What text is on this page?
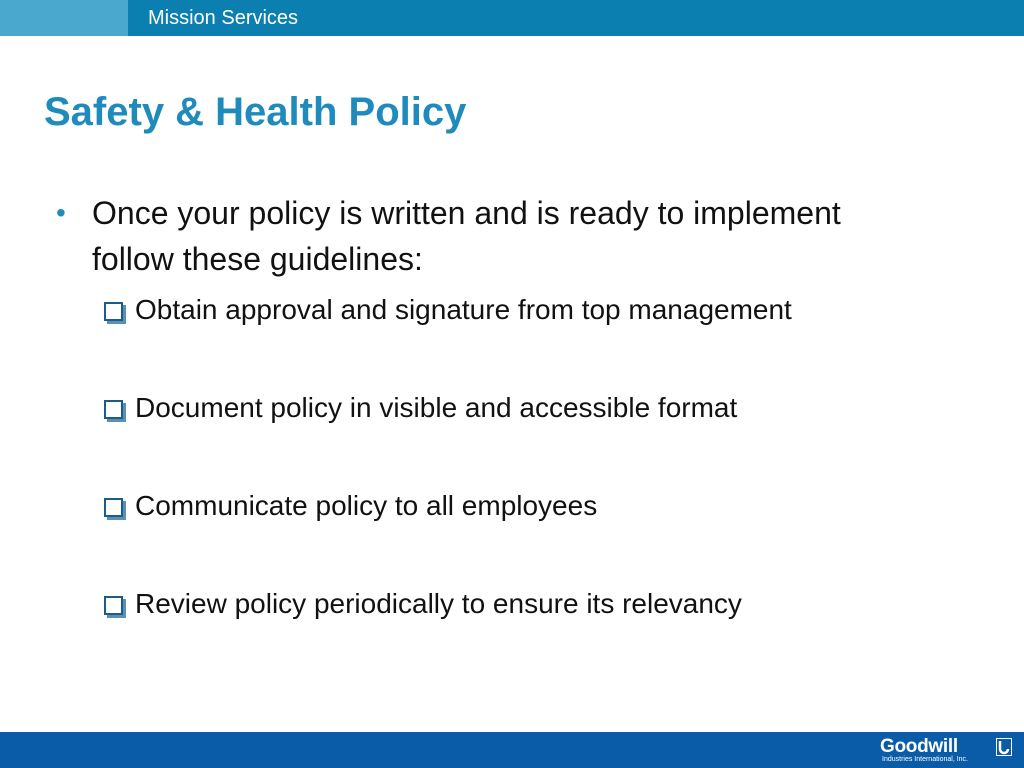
Mission Services
Safety & Health Policy
• Once your policy is written and is ready to implement follow these guidelines:
Obtain approval and signature from top management
Document policy in visible and accessible format
Communicate policy to all employees
Review policy periodically to ensure its relevancy
Goodwill
Industries International, Inc.
